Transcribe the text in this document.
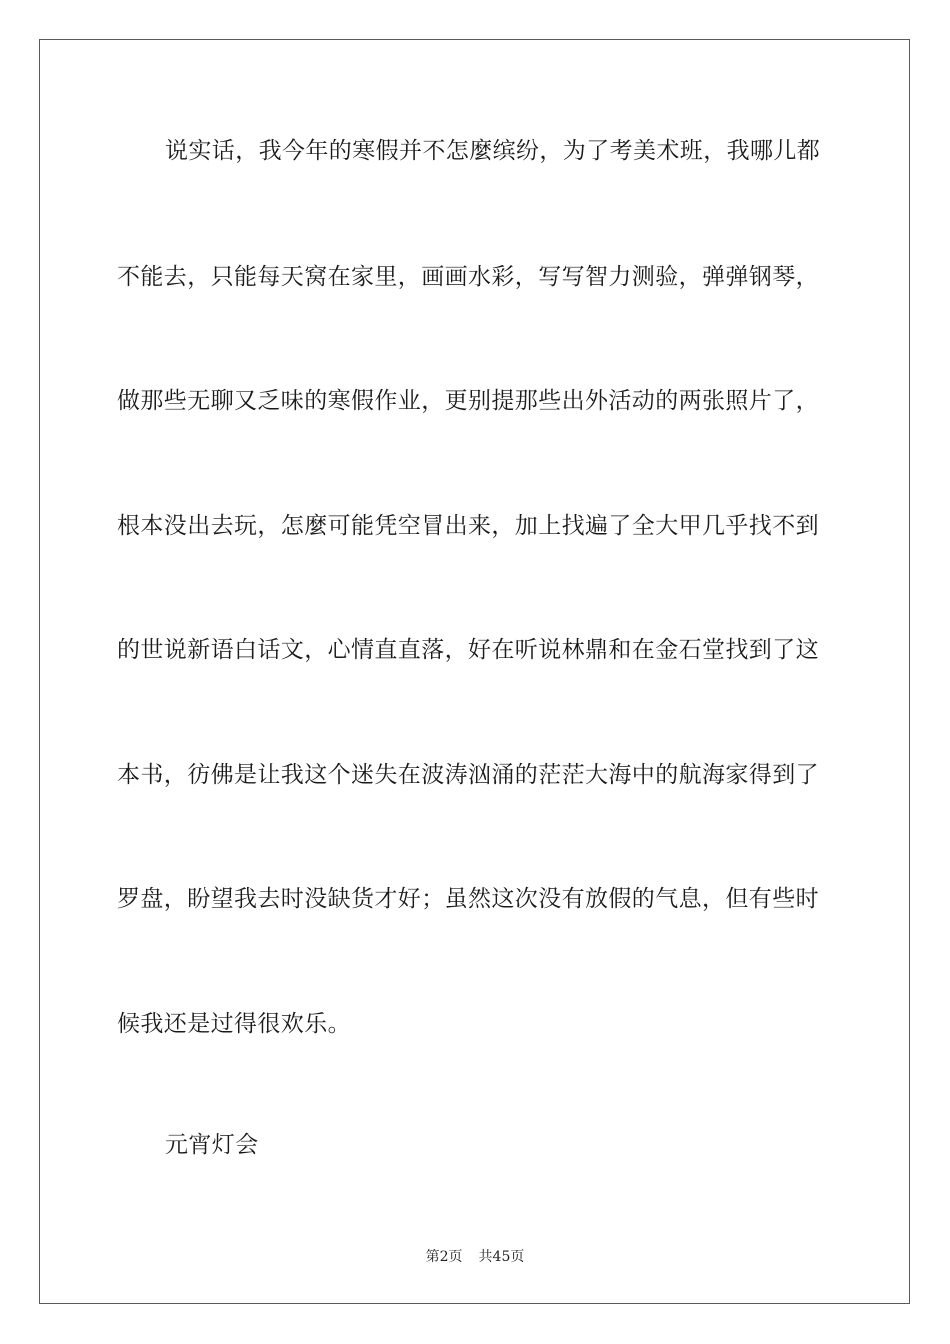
说实话，我今年的寒假并不怎麼缤纷，为了考美术班，我哪儿都
不能去，只能每天窝在家里，画画水彩，写写智力测验，弹弹钢琴，
做那些无聊又乏味的寒假作业，更别提那些出外活动的两张照片了，
根本没出去玩，怎麼可能凭空冒出来，加上找遍了全大甲几乎找不到
的世说新语白话文，心情直直落，好在听说林鼎和在金石堂找到了这
本书，彷佛是让我这个迷失在波涛汹涌的茫茫大海中的航海家得到了
罗盘，盼望我去时没缺货才好；虽然这次没有放假的气息，但有些时
候我还是过得很欢乐。
元宵灯会
第2页 共45页
